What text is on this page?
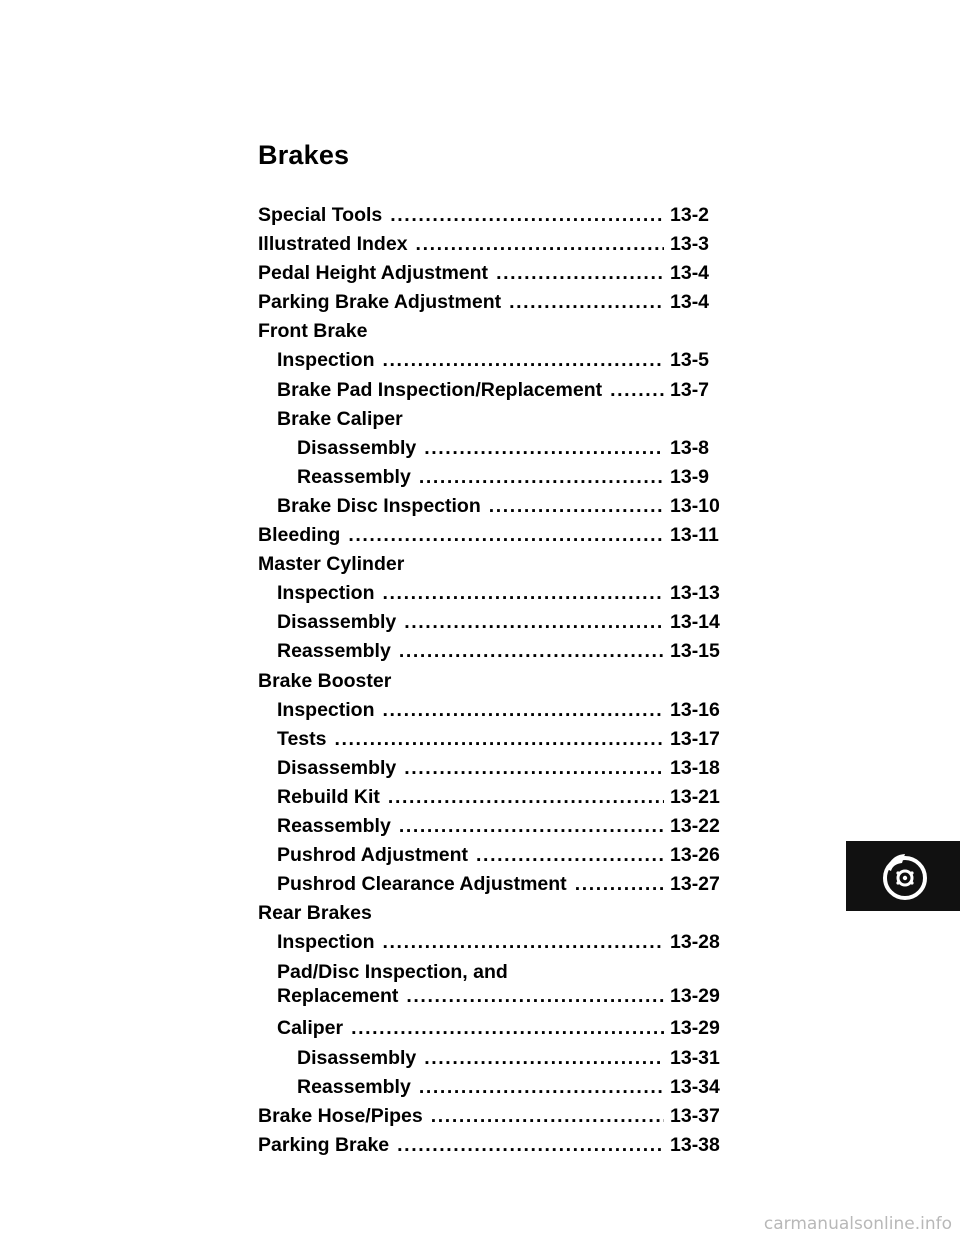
Brakes
Special Tools .....	13-2
Illustrated Index .....	13-3
Pedal Height Adjustment .....	13-4
Parking Brake Adjustment .....	13-4
Front Brake
Inspection .....	13-5
Brake Pad Inspection/Replacement .....	13-7
Brake Caliper
Disassembly .....	13-8
Reassembly .....	13-9
Brake Disc Inspection .....	13-10
Bleeding .....	13-11
Master Cylinder
Inspection .....	13-13
Disassembly .....	13-14
Reassembly .....	13-15
Brake Booster
Inspection .....	13-16
Tests .....	13-17
Disassembly .....	13-18
Rebuild Kit .....	13-21
Reassembly .....	13-22
Pushrod Adjustment .....	13-26
Pushrod Clearance Adjustment .....	13-27
Rear Brakes
Inspection .....	13-28
Pad/Disc Inspection, and
Replacement .....	13-29
Caliper .....	13-29
Disassembly .....	13-31
Reassembly .....	13-34
Brake Hose/Pipes .....	13-37
Parking Brake .....	13-38
carmanualsonline.info
